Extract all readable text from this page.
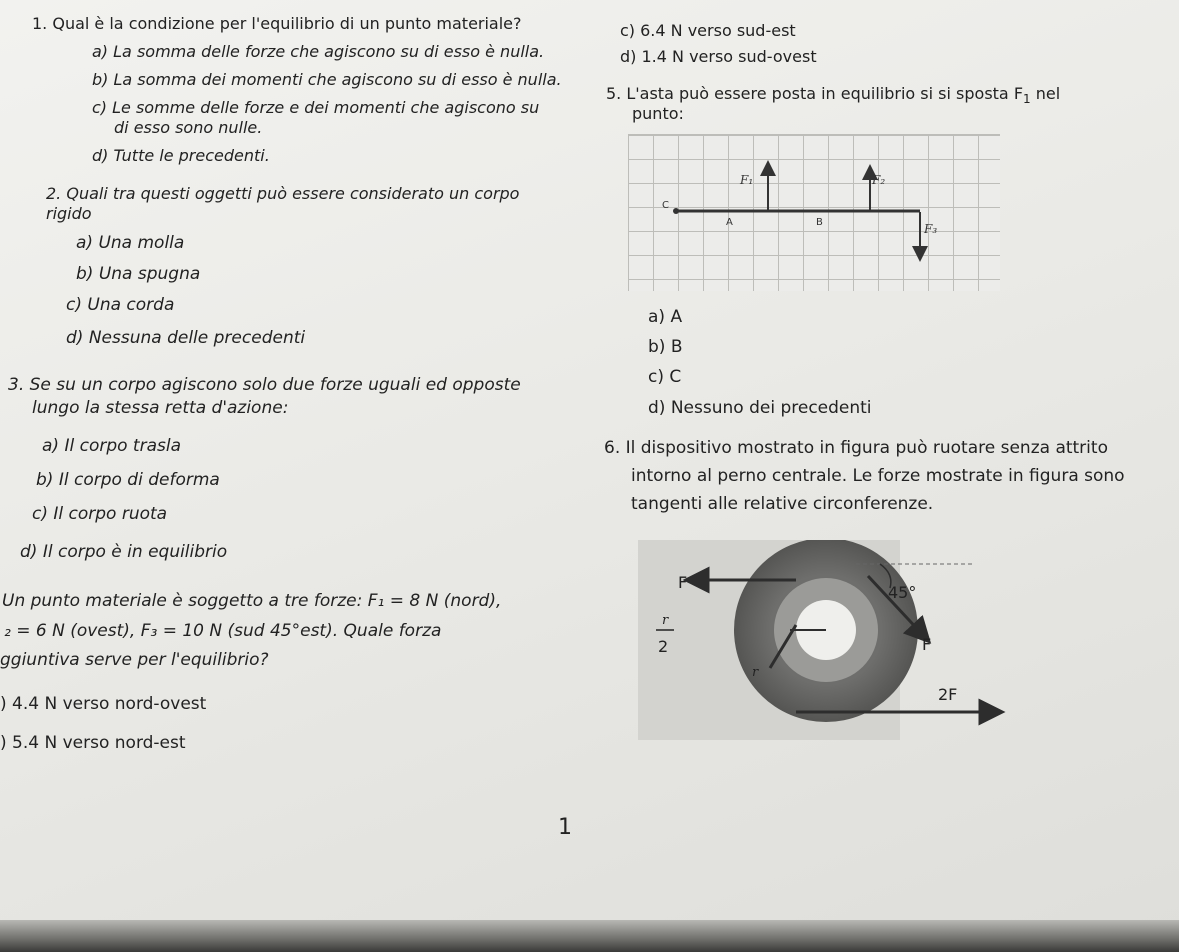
1. Qual è la condizione per l'equilibrio di un punto materiale?
a) La somma delle forze che agiscono su di esso è nulla.
b) La somma dei momenti che agiscono su di esso è nulla.
c) Le somme delle forze e dei momenti che agiscono su
di esso sono nulle.
d) Tutte le precedenti.
2. Quali tra questi oggetti può essere considerato un corpo
rigido
a) Una molla
b) Una spugna
c) Una corda
d) Nessuna delle precedenti
3. Se su un corpo agiscono solo due forze uguali ed opposte
lungo la stessa retta d'azione:
a) Il corpo trasla
b) Il corpo di deforma
c) Il corpo ruota
d) Il corpo è in equilibrio
Un punto materiale è soggetto a tre forze: F₁ = 8 N (nord),
₂ = 6 N (ovest), F₃ = 10 N (sud 45°est). Quale forza
ggiuntiva serve per l'equilibrio?
) 4.4 N verso nord-ovest
) 5.4 N verso nord-est
c) 6.4 N verso sud-est
d) 1.4 N verso sud-ovest
5. L'asta può essere posta in equilibrio si si sposta $F_1$ nel
punto:
F₁	F₂
F₃
C
A	B
a) A
b) B
c) C
d) Nessuno dei precedenti
6. Il dispositivo mostrato in figura può ruotare senza attrito
intorno al perno centrale. Le forze mostrate in figura sono
tangenti alle relative circonferenze.
F
45°
r
2	F
r
2F
1
